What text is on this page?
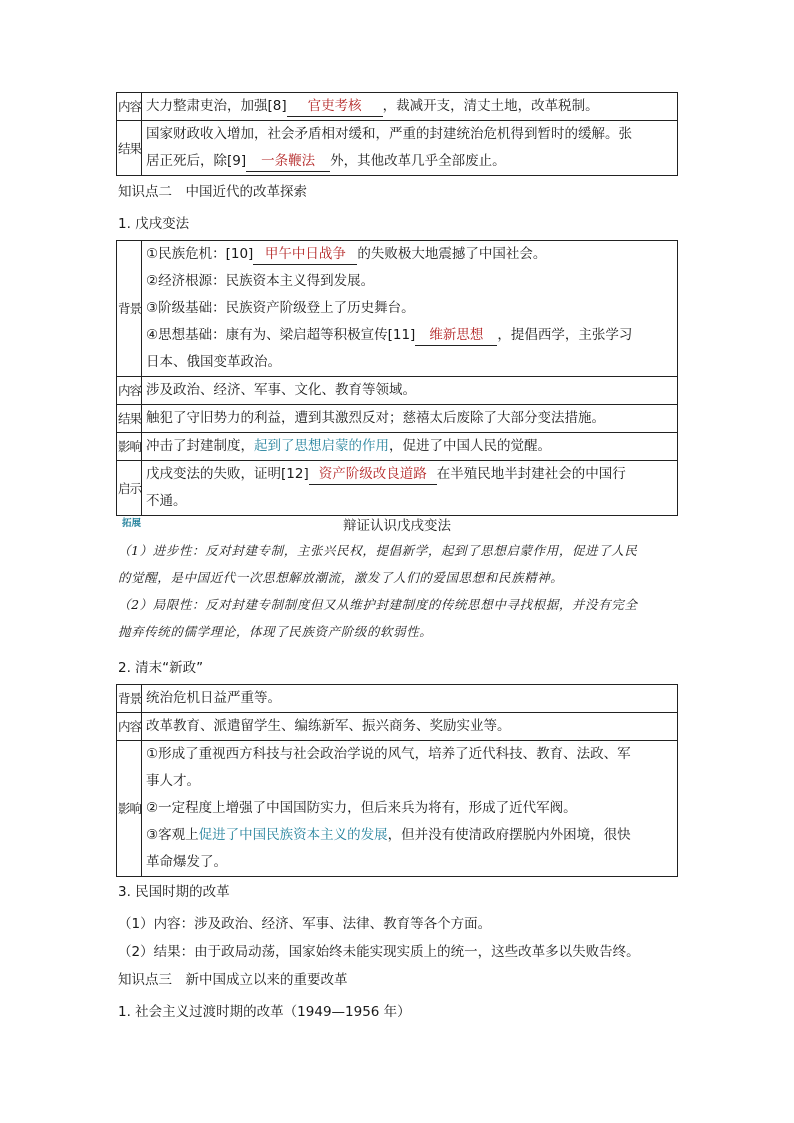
内容	大力整肃吏治，加强[8] 官吏考核 ，裁减开支，清丈土地，改革税制。
结果	国家财政收入增加，社会矛盾相对缓和，严重的封建统治危机得到暂时的缓解。张
居正死后，除[9] 一条鞭法 外，其他改革几乎全部废止。
知识点二　中国近代的改革探索
1. 戊戌变法
背景	①民族危机：[10] 甲午中日战争 的失败极大地震撼了中国社会。
②经济根源：民族资本主义得到发展。
③阶级基础：民族资产阶级登上了历史舞台。
④思想基础：康有为、梁启超等积极宣传[11] 维新思想 ，提倡西学，主张学习
日本、俄国变革政治。

内容	涉及政治、经济、军事、文化、教育等领域。
结果	触犯了守旧势力的利益，遭到其激烈反对；慈禧太后废除了大部分变法措施。
影响	冲击了封建制度，起到了思想启蒙的作用，促进了中国人民的觉醒。
启示	戊戌变法的失败，证明[12] 资产阶级改良道路 在半殖民地半封建社会的中国行
不通。
拓展	辩证认识戊戌变法
（1）进步性：反对封建专制，主张兴民权，提倡新学，起到了思想启蒙作用，促进了人民
的觉醒，是中国近代一次思想解放潮流，激发了人们的爱国思想和民族精神。
（2）局限性：反对封建专制制度但又从维护封建制度的传统思想中寻找根据，并没有完全
抛弃传统的儒学理论，体现了民族资产阶级的软弱性。
2. 清末“新政”
背景	统治危机日益严重等。
内容	改革教育、派遣留学生、编练新军、振兴商务、奖励实业等。
影响	①形成了重视西方科技与社会政治学说的风气，培养了近代科技、教育、法政、军
事人才。
②一定程度上增强了中国国防实力，但后来兵为将有，形成了近代军阀。
③客观上促进了中国民族资本主义的发展，但并没有使清政府摆脱内外困境，很快
革命爆发了。
3. 民国时期的改革
（1）内容：涉及政治、经济、军事、法律、教育等各个方面。
（2）结果：由于政局动荡，国家始终未能实现实质上的统一，这些改革多以失败告终。
知识点三　新中国成立以来的重要改革
1. 社会主义过渡时期的改革（1949—1956 年）
